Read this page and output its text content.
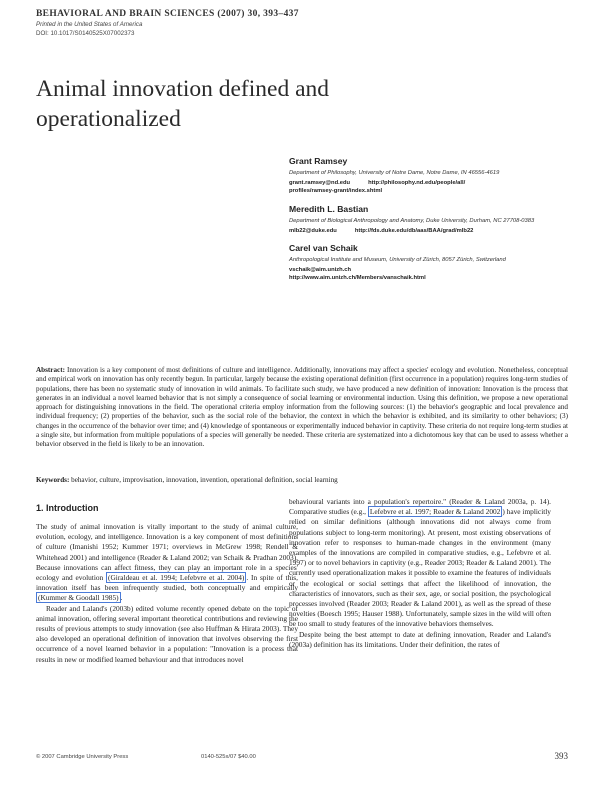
BEHAVIORAL AND BRAIN SCIENCES (2007) 30, 393–437
Printed in the United States of America
DOI: 10.1017/S0140525X07002373
Animal innovation defined and operationalized
Grant Ramsey
Department of Philosophy, University of Notre Dame, Notre Dame, IN 46556-4619
grant.ramsey@nd.edu	http://philosophy.nd.edu/people/all/
profiles/ramsey-grant/index.shtml
Meredith L. Bastian
Department of Biological Anthropology and Anatomy, Duke University, Durham, NC 27708-0383
mlb22@duke.edu	http://fds.duke.edu/db/aas/BAA/grad/mlb22
Carel van Schaik
Anthropological Institute and Museum, University of Zürich, 8057 Zürich, Switzerland
vschaik@aim.unizh.ch
http://www.aim.unizh.ch/Members/vanschaik.html

Abstract: Innovation is a key component of most definitions of culture and intelligence. Additionally, innovations may affect a species' ecology and evolution. Nonetheless, conceptual and empirical work on innovation has only recently begun. In particular, largely because the existing operational definition (first occurrence in a population) requires long-term studies of populations, there has been no systematic study of innovation in wild animals. To facilitate such study, we have produced a new definition of innovation: Innovation is the process that generates in an individual a novel learned behavior that is not simply a consequence of social learning or environmental induction. Using this definition, we propose a new operational approach for distinguishing innovations in the field. The operational criteria employ information from the following sources: (1) the behavior's geographic and local prevalence and individual frequency; (2) properties of the behavior, such as the social role of the behavior, the context in which the behavior is exhibited, and its similarity to other behaviors; (3) changes in the occurrence of the behavior over time; and (4) knowledge of spontaneous or experimentally induced behavior in captivity. These criteria do not require long-term studies at a single site, but information from multiple populations of a species will generally be needed. These criteria are systematized into a dichotomous key that can be used to assess whether a behavior observed in the field is likely to be an innovation.

Keywords: behavior, culture, improvisation, innovation, invention, operational definition, social learning

1. Introduction

The study of animal innovation is vitally important to the study of animal culture, evolution, ecology, and intelligence. Innovation is a key component of most definitions of culture (Imanishi 1952; Kummer 1971; overviews in McGrew 1998; Rendell & Whitehead 2001) and intelligence (Reader & Laland 2002; van Schaik & Pradhan 2003). Because innovations can affect fitness, they can play an important role in a species' ecology and evolution (Giraldeau et al. 1994; Lefebvre et al. 2004) . In spite of this, innovation itself has been infrequently studied, both conceptually and empirically (Kummer & Goodall 1985) .

Reader and Laland's (2003b) edited volume recently opened debate on the topic of animal innovation, offering several important theoretical contributions and reviewing the results of previous attempts to study innovation (see also Huffman & Hirata 2003). They also developed an operational definition of innovation that involves observing the first occurrence of a novel learned behavior in a population: "Innovation is a process that results in new or modified learned behaviour and that introduces novel

behavioural variants into a population's repertoire." (Reader & Laland 2003a, p. 14). Comparative studies (e.g., Lefebvre et al. 1997; Reader & Laland 2002 ) have implicitly relied on similar definitions (although innovations did not always come from populations subject to long-term monitoring). At present, most existing observations of innovation refer to responses to human-made changes in the environment (many examples of the innovations are compiled in comparative studies, e.g., Lefebvre et al. 1997) or to novel behaviors in captivity (e.g., Reader 2003; Reader & Laland 2001). The currently used operationalization makes it possible to examine the features of individuals or the ecological or social settings that affect the likelihood of innovation, the characteristics of innovators, such as their sex, age, or social position, the psychological processes involved (Reader 2003; Reader & Laland 2001), as well as the spread of these novelties (Boesch 1995; Hauser 1988). Unfortunately, sample sizes in the wild will often be too small to study features of the innovative behaviors themselves.

Despite being the best attempt to date at defining innovation, Reader and Laland's (2003a) definition has its limitations. Under their definition, the rates of

© 2007 Cambridge University Press	0140-525x/07 $40.00	393
